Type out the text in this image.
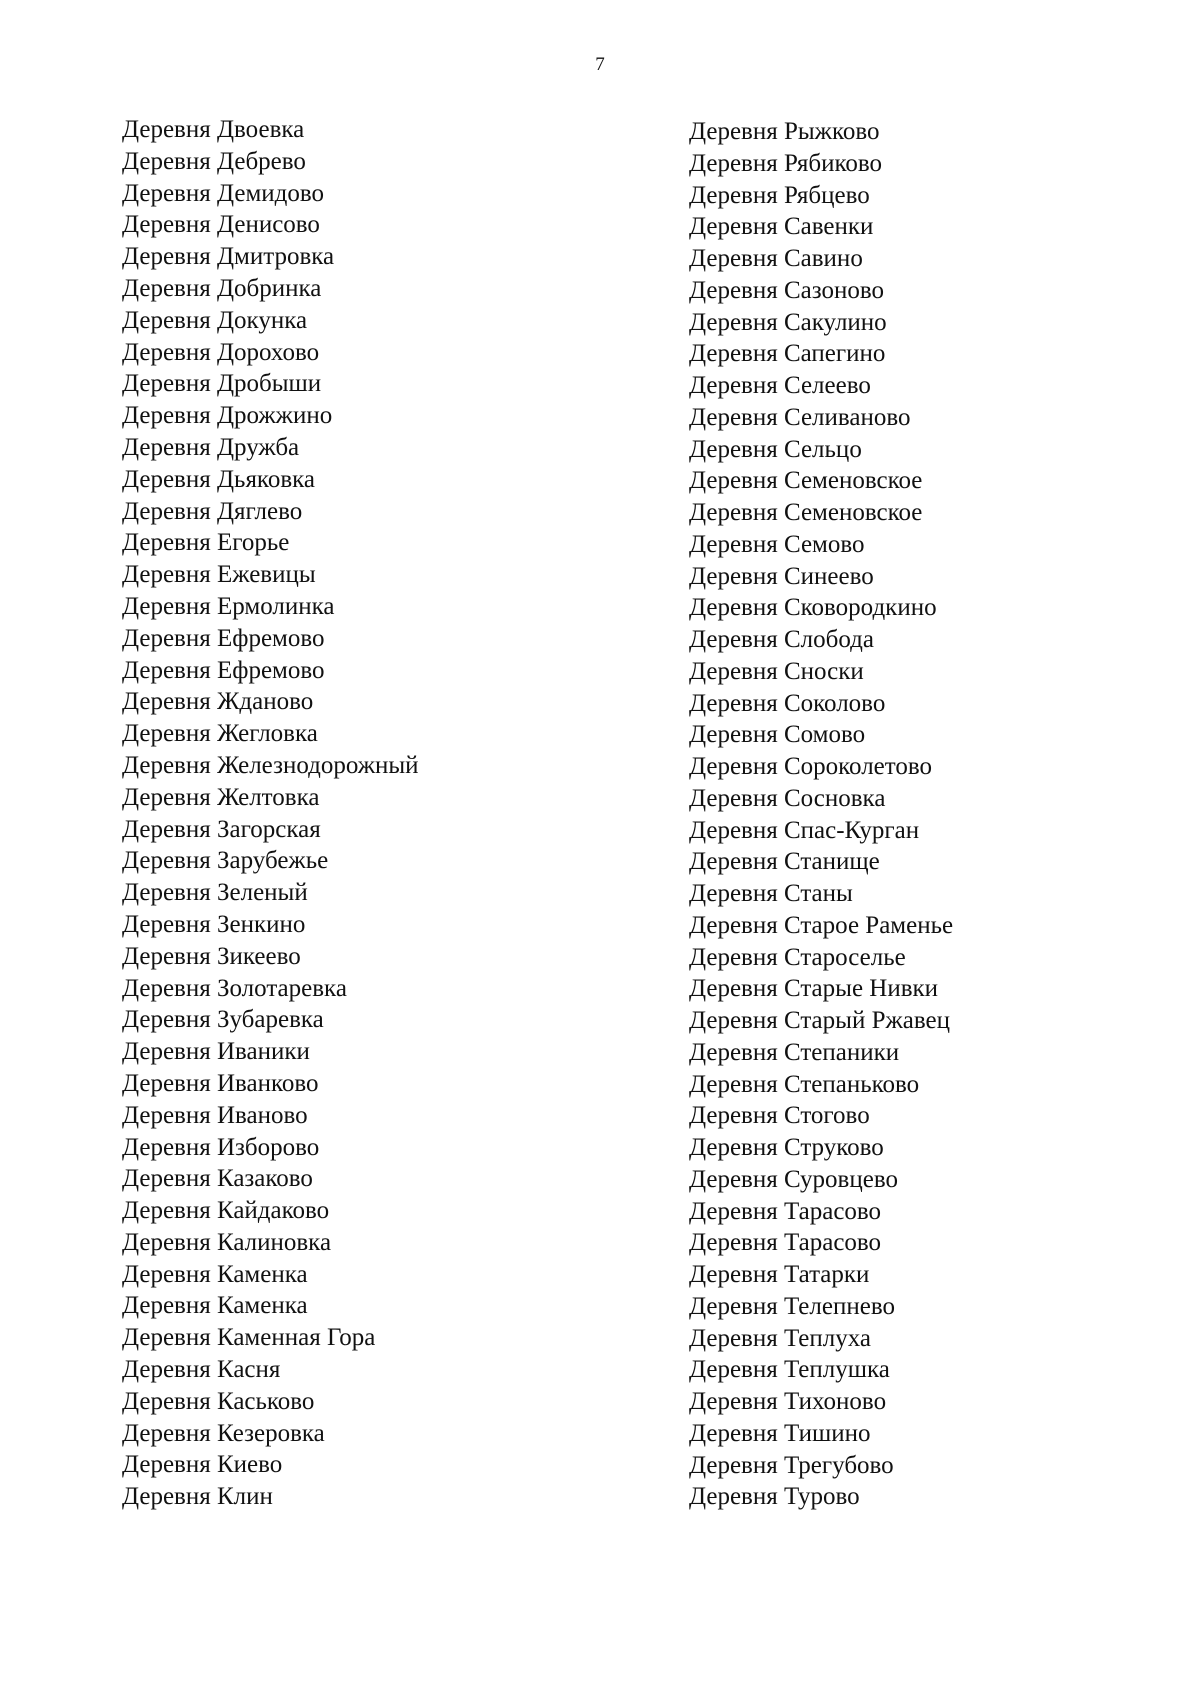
7
Деревня Двоевка
Деревня Дебрево
Деревня Демидово
Деревня Денисово
Деревня Дмитровка
Деревня Добринка
Деревня Докунка
Деревня Дорохово
Деревня Дробыши
Деревня Дрожжино
Деревня Дружба
Деревня Дьяковка
Деревня Дяглево
Деревня Егорье
Деревня Ежевицы
Деревня Ермолинка
Деревня Ефремово
Деревня Ефремово
Деревня Жданово
Деревня Жегловка
Деревня Железнодорожный
Деревня Желтовка
Деревня Загорская
Деревня Зарубежье
Деревня Зеленый
Деревня Зенкино
Деревня Зикеево
Деревня Золотаревка
Деревня Зубаревка
Деревня Иваники
Деревня Иванково
Деревня Иваново
Деревня Изборово
Деревня Казаково
Деревня Кайдаково
Деревня Калиновка
Деревня Каменка
Деревня Каменка
Деревня Каменная Гора
Деревня Касня
Деревня Каськово
Деревня Кезеровка
Деревня Киево
Деревня Клин
Деревня Рыжково
Деревня Рябиково
Деревня Рябцево
Деревня Савенки
Деревня Савино
Деревня Сазоново
Деревня Сакулино
Деревня Сапегино
Деревня Селеево
Деревня Селиваново
Деревня Сельцо
Деревня Семеновское
Деревня Семеновское
Деревня Семово
Деревня Синеево
Деревня Сковородкино
Деревня Слобода
Деревня Сноски
Деревня Соколово
Деревня Сомово
Деревня Сороколетово
Деревня Сосновка
Деревня Спас-Курган
Деревня Станище
Деревня Станы
Деревня Старое Раменье
Деревня Староселье
Деревня Старые Нивки
Деревня Старый Ржавец
Деревня Степаники
Деревня Степаньково
Деревня Стогово
Деревня Струково
Деревня Суровцево
Деревня Тарасово
Деревня Тарасово
Деревня Татарки
Деревня Телепнево
Деревня Теплуха
Деревня Теплушка
Деревня Тихоново
Деревня Тишино
Деревня Трегубово
Деревня Турово
